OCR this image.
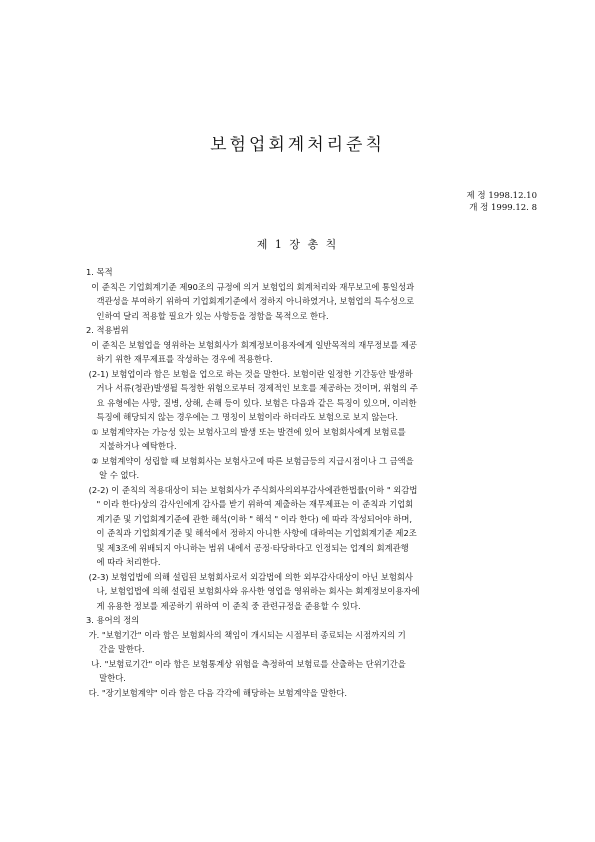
보험업회계처리준칙
제 정 1998.12.10
개 정 1999.12. 8
제 1 장 총 칙
1. 목적
이 준칙은 기업회계기준 제90조의 규정에 의거 보험업의 회계처리와 재무보고에 통일성과
객관성을 부여하기 위하여 기업회계기준에서 정하지 아니하였거나, 보험업의 특수성으로
인하여 달리 적용할 필요가 있는 사항등을 정함을 목적으로 한다.
2. 적용범위
이 준칙은 보험업을 영위하는 보험회사가 회계정보이용자에게 일반목적의 재무정보를 제공
하기 위한 재무제표를 작성하는 경우에 적용한다.
(2-1) 보험업이라 함은 보험을 업으로 하는 것을 말한다. 보험이란 일정한 기간동안 발생하
거나 서류(청관)발생될 특정한 위험으로부터 경제적인 보호를 제공하는 것이며, 위험의 주
요 유형에는 사망, 질병, 상해, 손해 등이 있다. 보험은 다음과 같은 특징이 있으며, 이러한
특징에 해당되지 않는 경우에는 그 명칭이 보험이라 하더라도 보험으로 보지 않는다.
① 보험계약자는 가능성 있는 보험사고의 발생 또는 발견에 있어 보험회사에게 보험료를
지불하거나 예탁한다.
② 보험계약이 성립할 때 보험회사는 보험사고에 따른 보험금등의 지급시점이나 그 금액을
알 수 없다.
(2-2) 이 준칙의 적용대상이 되는 보험회사가 주식회사의외부감사에관한법률(이하 " 외감법
" 이라 한다)상의 감사인에게 감사를 받기 위하여 제출하는 재무제표는 이 준칙과 기업회
계기준 및 기업회계기준에 관한 해석(이하 " 해석 " 이라 한다) 에 따라 작성되어야 하며,
이 준칙과 기업회계기준 및 해석에서 정하지 아니한 사항에 대하여는 기업회계기준 제2조
및 제3조에 위배되지 아니하는 범위 내에서 공정·타당하다고 인정되는 업계의 회계관행
에 따라 처리한다.
(2-3) 보험업법에 의해 설립된 보험회사로서 외감법에 의한 외부감사대상이 아닌 보험회사
나, 보험업법에 의해 설립된 보험회사와 유사한 영업을 영위하는 회사는 회계정보이용자에
게 유용한 정보를 제공하기 위하여 이 준칙 중 관련규정을 준용할 수 있다.
3. 용어의 정의
가. "보험기간" 이라 함은 보험회사의 책임이 개시되는 시점부터 종료되는 시점까지의 기
간을 말한다.
나. "보험료기간" 이라 함은 보험통계상 위험을 측정하여 보험료를 산출하는 단위기간을
말한다.
다. "장기보험계약" 이라 함은 다음 각각에 해당하는 보험계약을 말한다.
